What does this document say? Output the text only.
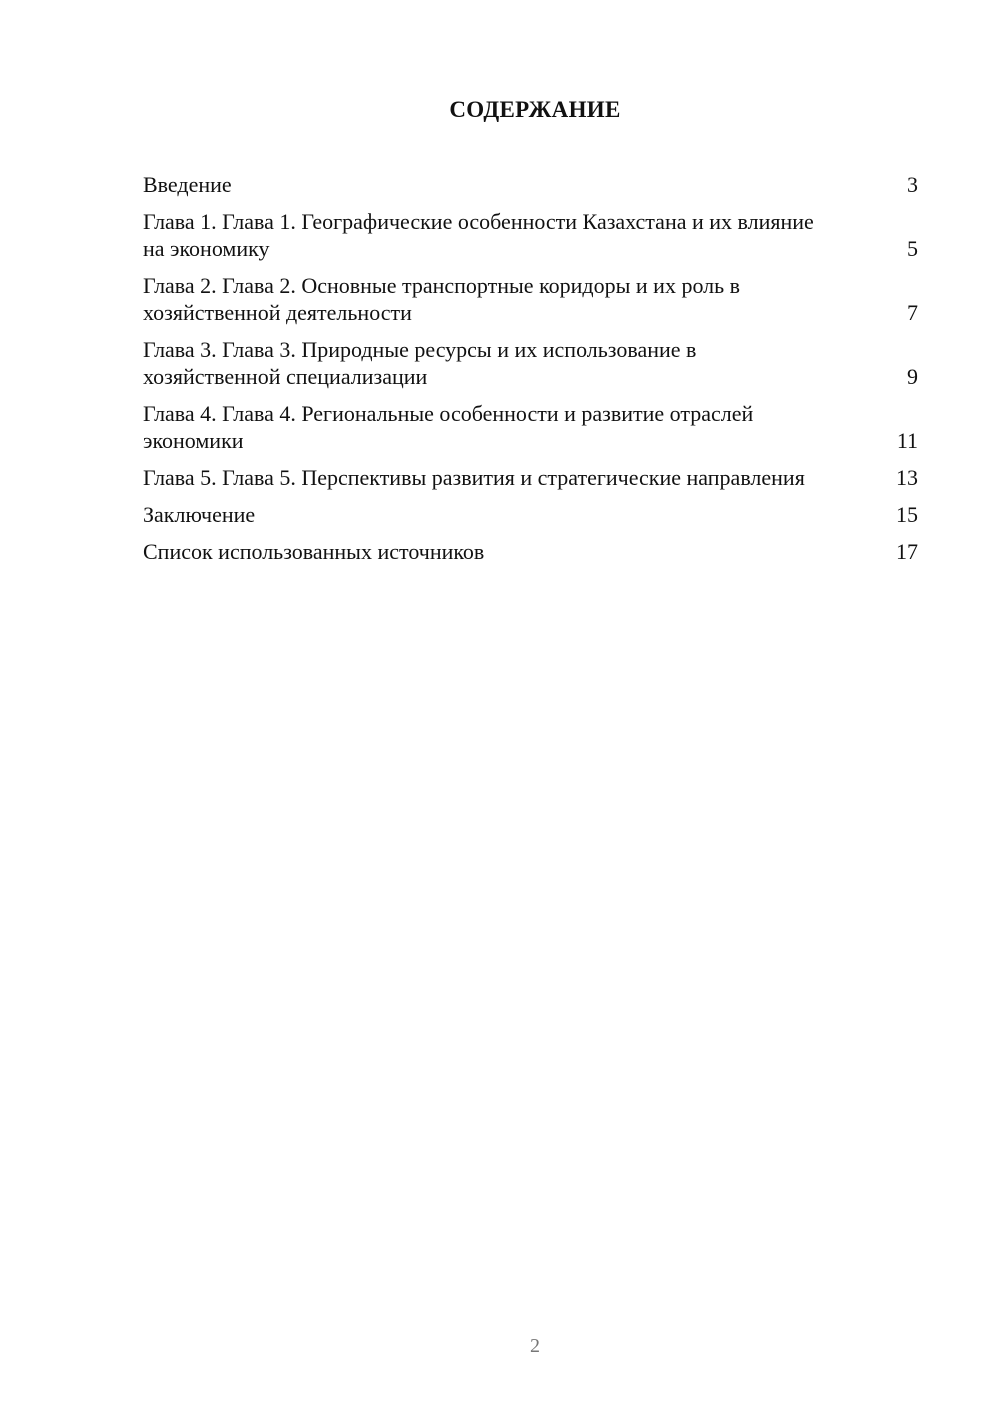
СОДЕРЖАНИЕ
Введение	3
Глава 1. Глава 1. Географические особенности Казахстана и их влияние на экономику	5
Глава 2. Глава 2. Основные транспортные коридоры и их роль в хозяйственной деятельности	7
Глава 3. Глава 3. Природные ресурсы и их использование в хозяйственной специализации	9
Глава 4. Глава 4. Региональные особенности и развитие отраслей экономики	11
Глава 5. Глава 5. Перспективы развития и стратегические направления	13
Заключение	15
Список использованных источников	17
2
